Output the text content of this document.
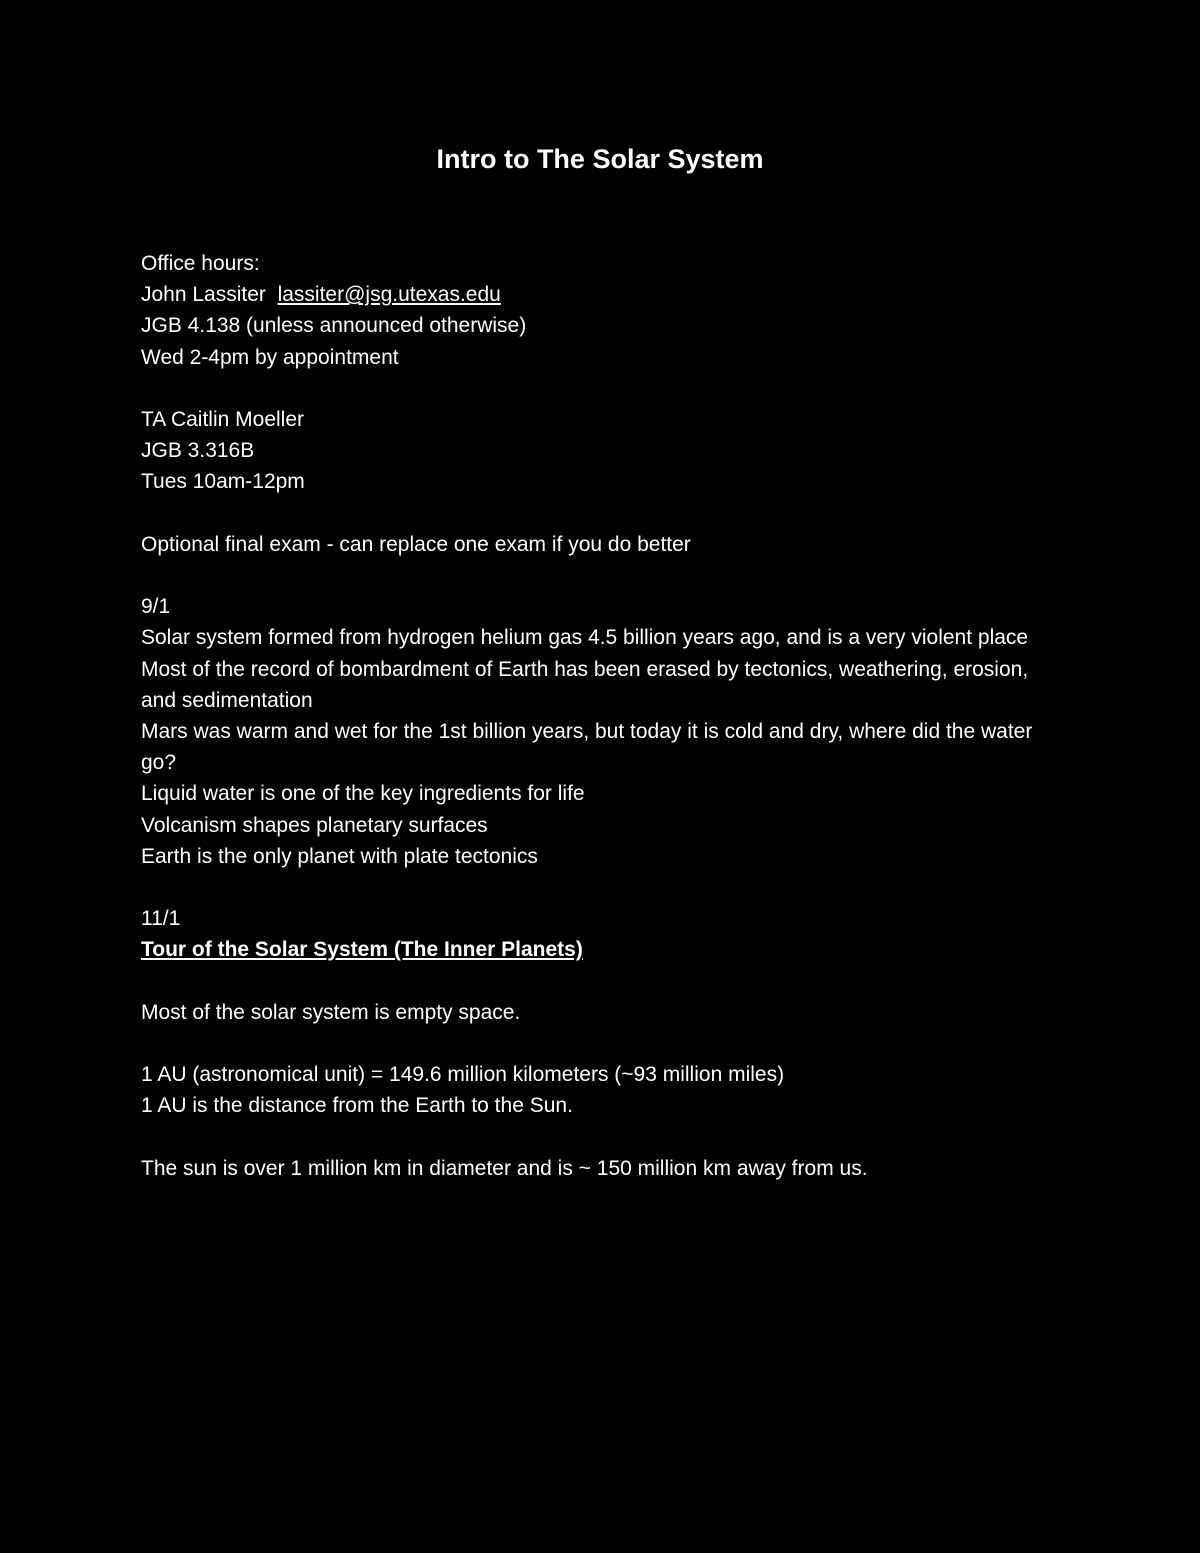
Intro to The Solar System

Office hours:

John Lassiter lassiter@jsg.utexas.edu

JGB 4.138 (unless announced otherwise)

Wed 2-4pm by appointment

TA Caitlin Moeller

JGB 3.316B

Tues 10am-12pm

Optional final exam - can replace one exam if you do better

9/1

Solar system formed from hydrogen helium gas 4.5 billion years ago, and is a very violent place

Most of the record of bombardment of Earth has been erased by tectonics, weathering, erosion, and sedimentation

Mars was warm and wet for the 1st billion years, but today it is cold and dry, where did the water go?

Liquid water is one of the key ingredients for life

Volcanism shapes planetary surfaces

Earth is the only planet with plate tectonics

11/1

Tour of the Solar System (The Inner Planets)

Most of the solar system is empty space.

1 AU (astronomical unit) = 149.6 million kilometers (~93 million miles)

1 AU is the distance from the Earth to the Sun.

The sun is over 1 million km in diameter and is ~ 150 million km away from us.
